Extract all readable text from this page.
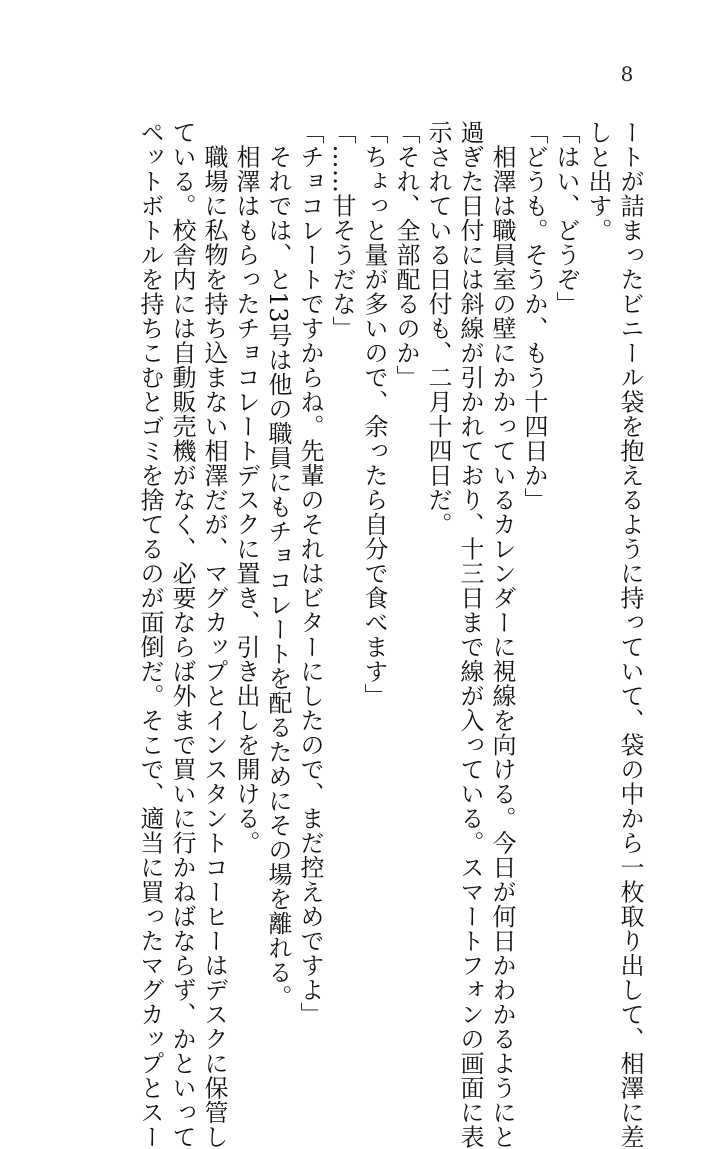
8
ートが詰まったビニール袋を抱えるように持っていて、袋の中から一枚取り出して、相澤に差
しと出す。
「はい、どうぞ」
「どうも。そうか、もう十四日か」
　相澤は職員室の壁にかかっているカレンダーに視線を向ける。今日が何日かわかるようにと
過ぎた日付には斜線が引かれており、十三日まで線が入っている。スマートフォンの画面に表
示されている日付も、二月十四日だ。
「それ、全部配るのか」
「ちょっと量が多いので、余ったら自分で食べます」
「……甘そうだな」
「チョコレートですからね。先輩のそれはビターにしたので、まだ控えめですよ」
　それでは、と13号は他の職員にもチョコレートを配るためにその場を離れる。
　相澤はもらったチョコレートデスクに置き、引き出しを開ける。
　職場に私物を持ち込まない相澤だが、マグカップとインスタントコーヒーはデスクに保管し
ている。校舎内には自動販売機がなく、必要ならば外まで買いに行かねばならず、かといって
ペットボトルを持ちこむとゴミを捨てるのが面倒だ。そこで、適当に買ったマグカップとスー
